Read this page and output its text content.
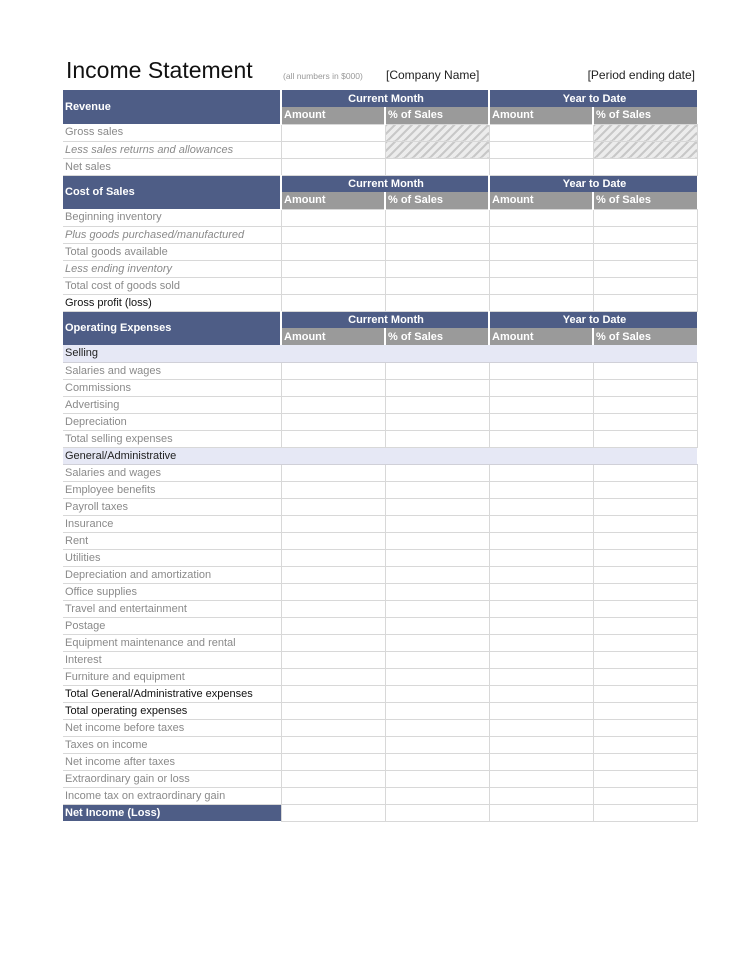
Income Statement	(all numbers in $000) [Company Name]	[Period ending date]
Revenue	Current Month		Year to Date	
	Amount	% of Sales	Amount	% of Sales
Gross sales				
Less sales returns and allowances				
Net sales				
Cost of Sales	Current Month		Year to Date	
	Amount	% of Sales	Amount	% of Sales
Beginning inventory				
Plus goods purchased/manufactured				
Total goods available				
Less ending inventory				
Total cost of goods sold				
Gross profit (loss)				
Operating Expenses	Current Month		Year to Date	
	Amount	% of Sales	Amount	% of Sales
Selling				
Salaries and wages				
Commissions				
Advertising				
Depreciation				
Total selling expenses				
General/Administrative				
Salaries and wages				
Employee benefits				
Payroll taxes				
Insurance				
Rent				
Utilities				
Depreciation and amortization				
Office supplies				
Travel and entertainment				
Postage				
Equipment maintenance and rental				
Interest				
Furniture and equipment				
Total General/Administrative expenses				
Total operating expenses				
Net income before taxes				
Taxes on income				
Net income after taxes				
Extraordinary gain or loss				
Income tax on extraordinary gain				
Net Income (Loss)				
